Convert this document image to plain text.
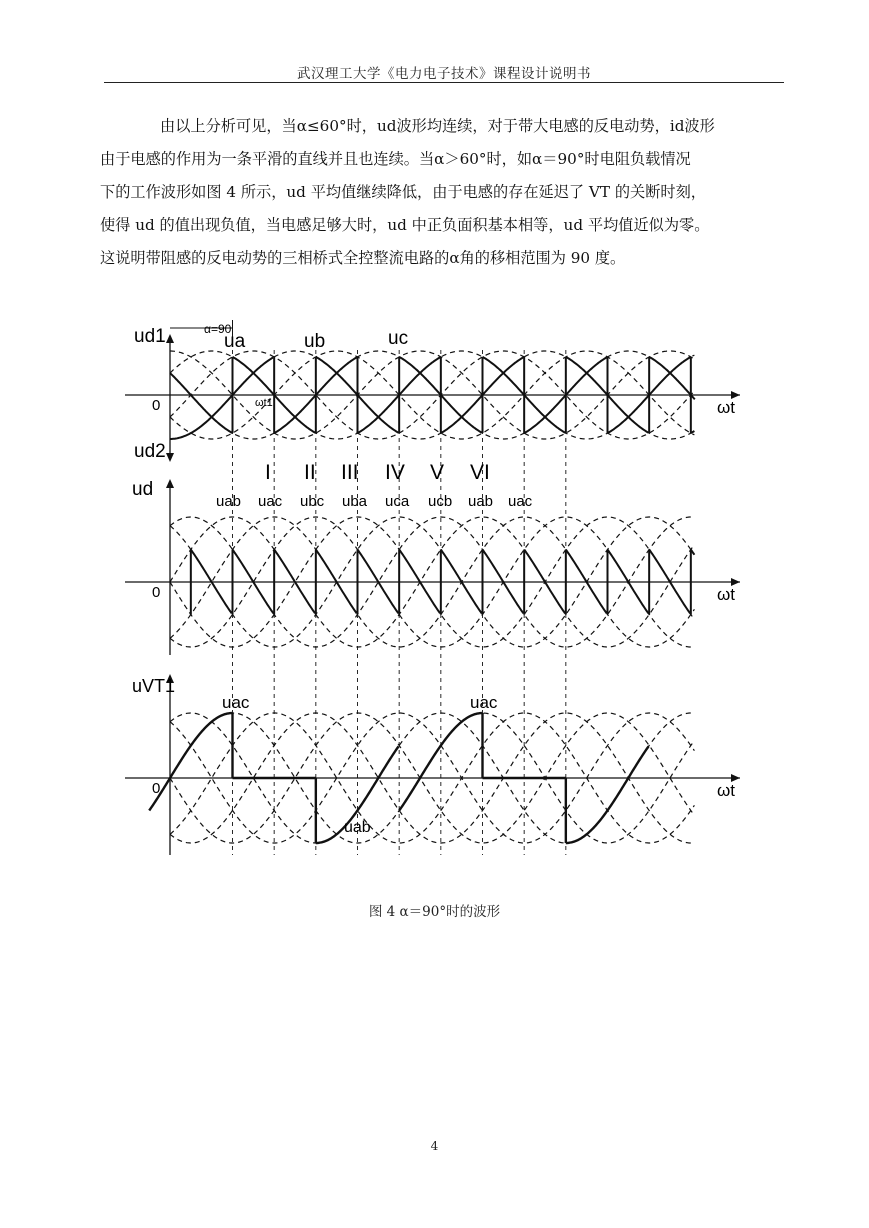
武汉理工大学《电力电子技术》课程设计说明书

由以上分析可见，当α≤60°时，ud波形均连续，对于带大电感的反电动势，id波形

由于电感的作用为一条平滑的直线并且也连续。当α＞60°时，如α＝90°时电阻负载情况

下的工作波形如图 4 所示，ud 平均值继续降低，由于电感的存在延迟了 VT 的关断时刻，

使得 ud 的值出现负值，当电感足够大时，ud 中正负面积基本相等，ud 平均值近似为零。

这说明带阻感的反电动势的三相桥式全控整流电路的α角的移相范围为 90 度。

ud1
ud2
0	ωt
α=90
ωt1
ua	ub	uc
I II III IV V VI
ud
0	ωt
uab uac ubc uba uca ucb uab uac
uVT1
0	ωt
uac	uac
uab
图 4 α＝90°时的波形
4
